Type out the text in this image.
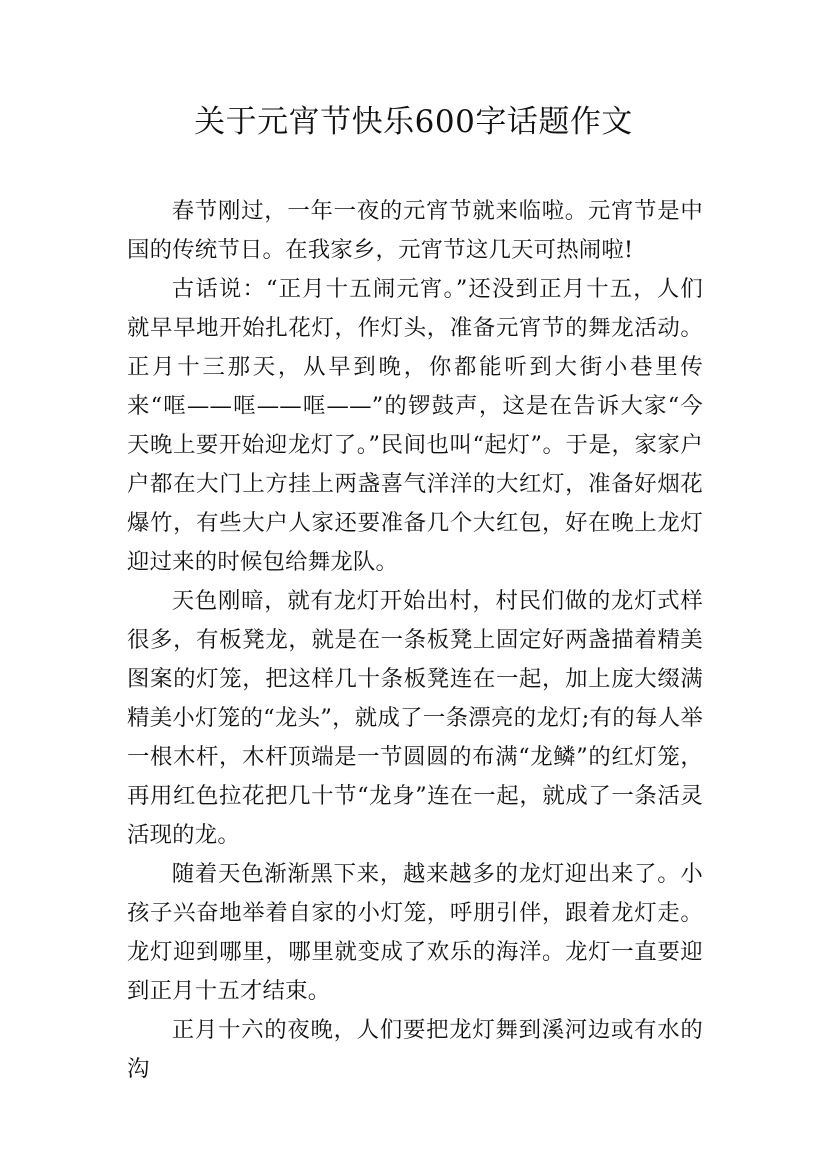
关于元宵节快乐600字话题作文

春节刚过，一年一夜的元宵节就来临啦。元宵节是中国的传统节日。在我家乡，元宵节这几天可热闹啦!

古话说：“正月十五闹元宵。”还没到正月十五，人们就早早地开始扎花灯，作灯头，准备元宵节的舞龙活动。正月十三那天，从早到晚，你都能听到大街小巷里传来“哐——哐——哐——”的锣鼓声，这是在告诉大家“今天晚上要开始迎龙灯了。”民间也叫“起灯”。于是，家家户户都在大门上方挂上两盏喜气洋洋的大红灯，准备好烟花爆竹，有些大户人家还要准备几个大红包，好在晚上龙灯迎过来的时候包给舞龙队。

天色刚暗，就有龙灯开始出村，村民们做的龙灯式样很多，有板凳龙，就是在一条板凳上固定好两盏描着精美图案的灯笼，把这样几十条板凳连在一起，加上庞大缀满精美小灯笼的“龙头”，就成了一条漂亮的龙灯;有的每人举一根木杆，木杆顶端是一节圆圆的布满“龙鳞”的红灯笼，再用红色拉花把几十节“龙身”连在一起，就成了一条活灵活现的龙。

随着天色渐渐黑下来，越来越多的龙灯迎出来了。小孩子兴奋地举着自家的小灯笼，呼朋引伴，跟着龙灯走。龙灯迎到哪里，哪里就变成了欢乐的海洋。龙灯一直要迎到正月十五才结束。

正月十六的夜晚，人们要把龙灯舞到溪河边或有水的沟
